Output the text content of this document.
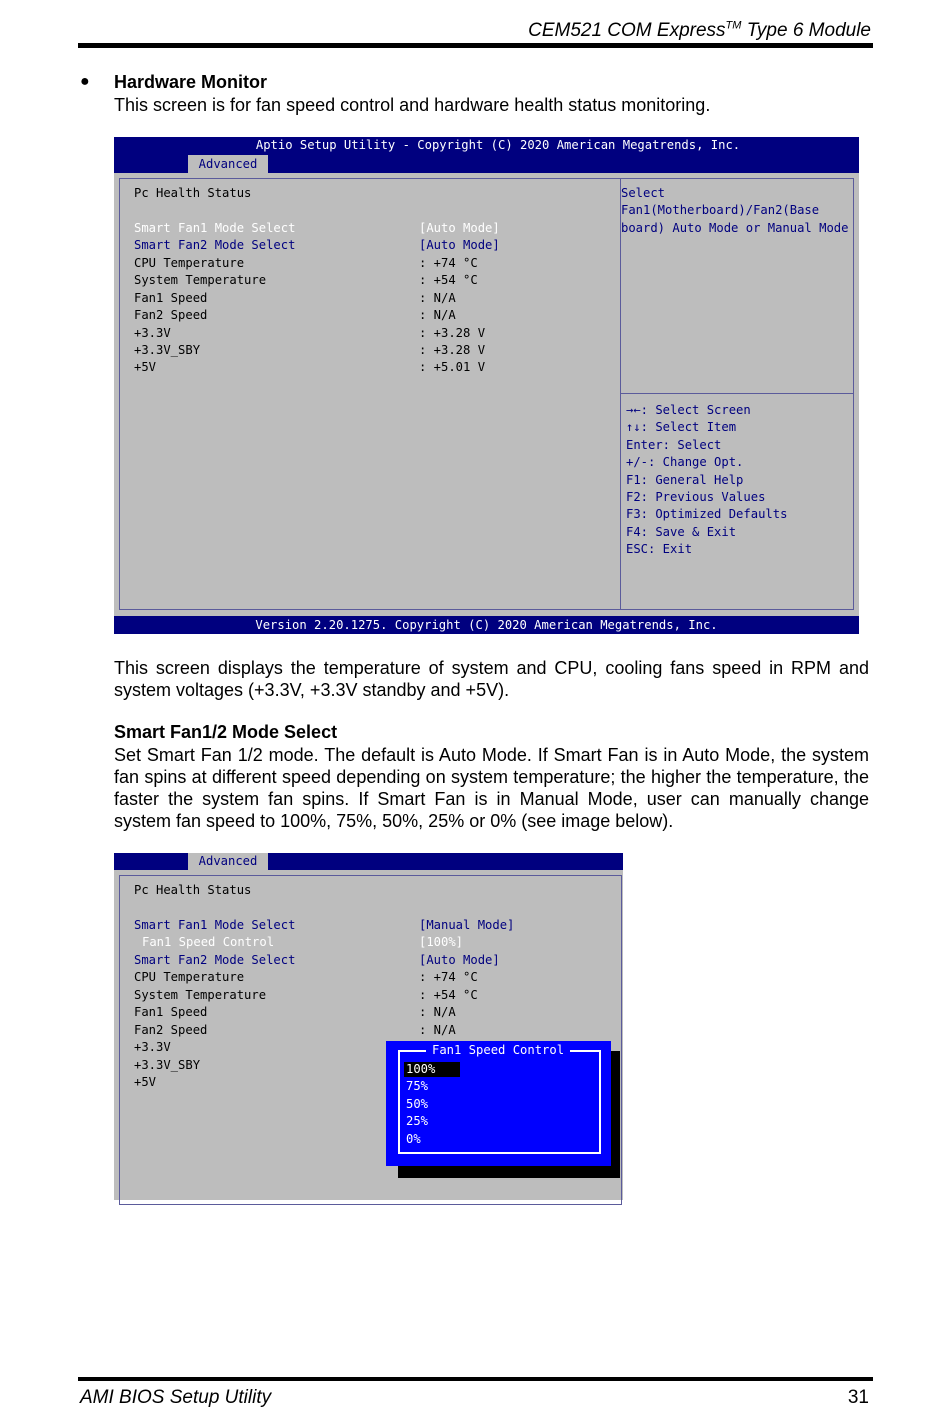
CEM521 COM Express™ Type 6 Module
● Hardware Monitor
This screen is for fan speed control and hardware health status monitoring.
Aptio Setup Utility - Copyright (C) 2020 American Megatrends, Inc.
Advanced
Pc Health Status
Smart Fan1 Mode Select	[Auto Mode]
Smart Fan2 Mode Select	[Auto Mode]
CPU Temperature	: +74 °C
System Temperature	: +54 °C
Fan1 Speed	: N/A
Fan2 Speed	: N/A
+3.3V	: +3.28 V
+3.3V_SBY	: +3.28 V
+5V	: +5.01 V
Select
Fan1(Motherboard)/Fan2(Base
board) Auto Mode or Manual Mode
→←: Select Screen
↑↓: Select Item
Enter: Select
+/-: Change Opt.
F1: General Help
F2: Previous Values
F3: Optimized Defaults
F4: Save & Exit
ESC: Exit
Version 2.20.1275. Copyright (C) 2020 American Megatrends, Inc.
This screen displays the temperature of system and CPU, cooling fans speed in RPM and system voltages (+3.3V, +3.3V standby and +5V).
Smart Fan1/2 Mode Select
Set Smart Fan 1/2 mode. The default is Auto Mode. If Smart Fan is in Auto Mode, the system fan spins at different speed depending on system temperature; the higher the temperature, the faster the system fan spins. If Smart Fan is in Manual Mode, user can manually change system fan speed to 100%, 75%, 50%, 25% or 0% (see image below).
Advanced
Pc Health Status
Smart Fan1 Mode Select	[Manual Mode]
Fan1 Speed Control	[100%]
Smart Fan2 Mode Select	[Auto Mode]
CPU Temperature	: +74 °C
System Temperature	: +54 °C
Fan1 Speed	: N/A
Fan2 Speed	: N/A
+3.3V
+3.3V_SBY
+5V
Fan1 Speed Control
100%
75%
50%
25%
0%
AMI BIOS Setup Utility	31
